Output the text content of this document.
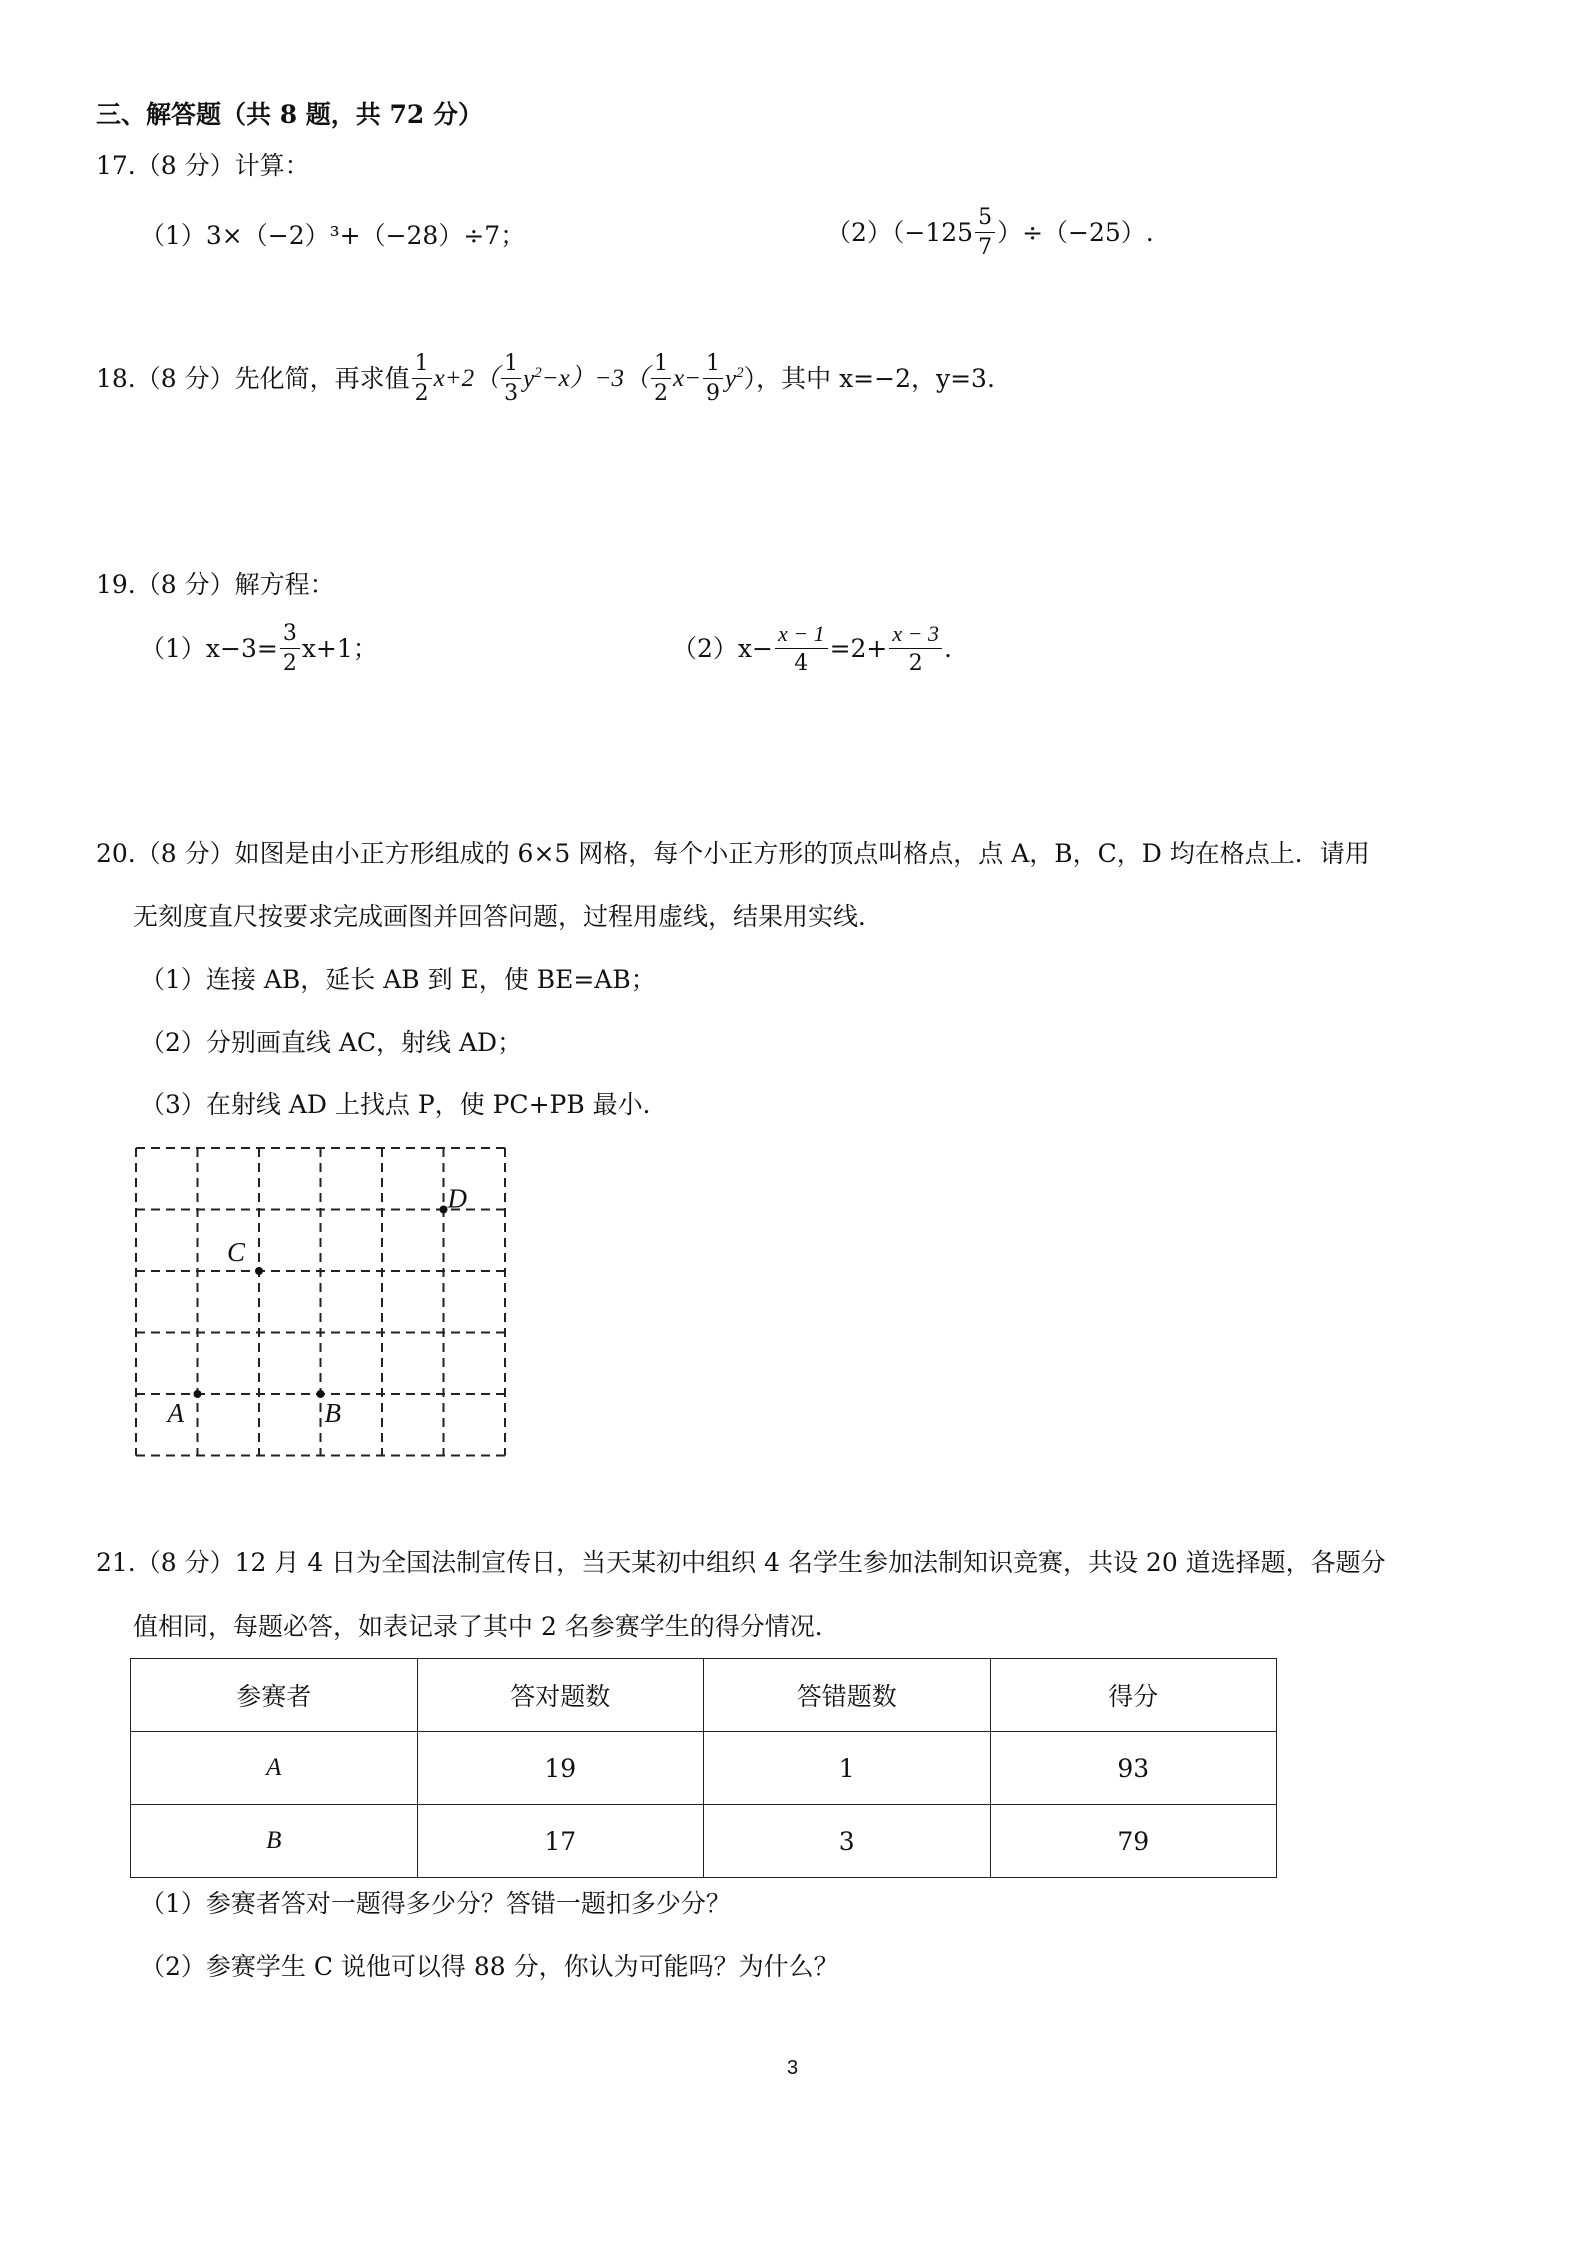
三、解答题（共 8 题，共 72 分）
17.（8 分）计算：
（1）3×（−2）³+（−28）÷7；	$(2)(-125 \frac{5}{7} )\div(-25)$.
18.（8 分）先化简，再求值 $\frac{1}{2} x+2( \frac{1}{3} y^2 -x)-3( \frac{1}{2} x- \frac{1}{9} y^2$ ），其中 x=−2，y=3.
19.（8 分）解方程：
$(1)x-3= \frac{3}{2} x+1$；	$(2)x- \frac{x - 1}{4} =2+ \frac{x - 3}{2}$ .
20.（8 分）如图是由小正方形组成的 6×5 网格，每个小正方形的顶点叫格点，点 A，B，C，D 均在格点上．请用
无刻度直尺按要求完成画图并回答问题，过程用虚线，结果用实线．
（1）连接 AB，延长 AB 到 E，使 BE=AB；
（2）分别画直线 AC，射线 AD；
（3）在射线 AD 上找点 P，使 PC+PB 最小．
A	B
C
D
21.（8 分）12 月 4 日为全国法制宣传日，当天某初中组织 4 名学生参加法制知识竞赛，共设 20 道选择题，各题分
值相同，每题必答，如表记录了其中 2 名参赛学生的得分情况．
参赛者	答对题数	答错题数	得分
A	19	1	93
B	17	3	79
（1）参赛者答对一题得多少分？答错一题扣多少分？
（2）参赛学生 C 说他可以得 88 分，你认为可能吗？为什么？
3
